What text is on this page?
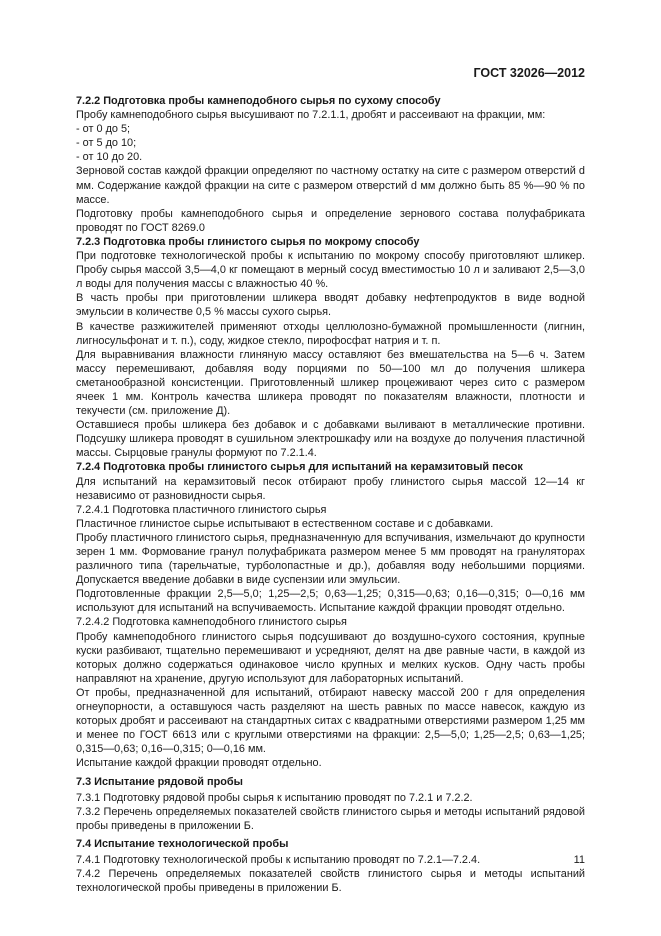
ГОСТ 32026—2012
7.2.2 Подготовка пробы камнеподобного сырья по сухому способу
Пробу камнеподобного сырья высушивают по 7.2.1.1, дробят и рассеивают на фракции, мм:
- от 0 до 5;
- от 5 до 10;
- от 10 до 20.
Зерновой состав каждой фракции определяют по частному остатку на сите с размером отверстий d мм. Содержание каждой фракции на сите с размером отверстий d мм должно быть 85 %—90 % по массе.
Подготовку пробы камнеподобного сырья и определение зернового состава полуфабриката проводят по ГОСТ 8269.0
7.2.3 Подготовка пробы глинистого сырья по мокрому способу
При подготовке технологической пробы к испытанию по мокрому способу приготовляют шликер. Пробу сырья массой 3,5—4,0 кг помещают в мерный сосуд вместимостью 10 л и заливают 2,5—3,0 л воды для получения массы с влажностью 40 %.
В часть пробы при приготовлении шликера вводят добавку нефтепродуктов в виде водной эмульсии в количестве 0,5 % массы сухого сырья.
В качестве разжижителей применяют отходы целлюлозно-бумажной промышленности (лигнин, лигносульфонат и т. п.), соду, жидкое стекло, пирофосфат натрия и т. п.
Для выравнивания влажности глиняную массу оставляют без вмешательства на 5—6 ч. Затем массу перемешивают, добавляя воду порциями по 50—100 мл до получения шликера сметанообразной консистенции. Приготовленный шликер процеживают через сито с размером ячеек 1 мм. Контроль качества шликера проводят по показателям влажности, плотности и текучести (см. приложение Д).
Оставшиеся пробы шликера без добавок и с добавками выливают в металлические противни. Подсушку шликера проводят в сушильном электрошкафу или на воздухе до получения пластичной массы. Сырцовые гранулы формуют по 7.2.1.4.
7.2.4 Подготовка пробы глинистого сырья для испытаний на керамзитовый песок
Для испытаний на керамзитовый песок отбирают пробу глинистого сырья массой 12—14 кг независимо от разновидности сырья.
7.2.4.1 Подготовка пластичного глинистого сырья
Пластичное глинистое сырье испытывают в естественном составе и с добавками.
Пробу пластичного глинистого сырья, предназначенную для вспучивания, измельчают до крупности зерен 1 мм. Формование гранул полуфабриката размером менее 5 мм проводят на грануляторах различного типа (тарельчатые, турболопастные и др.), добавляя воду небольшими порциями. Допускается введение добавки в виде суспензии или эмульсии.
Подготовленные фракции 2,5—5,0; 1,25—2,5; 0,63—1,25; 0,315—0,63; 0,16—0,315; 0—0,16 мм используют для испытаний на вспучиваемость. Испытание каждой фракции проводят отдельно.
7.2.4.2 Подготовка камнеподобного глинистого сырья
Пробу камнеподобного глинистого сырья подсушивают до воздушно-сухого состояния, крупные куски разбивают, тщательно перемешивают и усредняют, делят на две равные части, в каждой из которых должно содержаться одинаковое число крупных и мелких кусков. Одну часть пробы направляют на хранение, другую используют для лабораторных испытаний.
От пробы, предназначенной для испытаний, отбирают навеску массой 200 г для определения огнеупорности, а оставшуюся часть разделяют на шесть равных по массе навесок, каждую из которых дробят и рассеивают на стандартных ситах с квадратными отверстиями размером 1,25 мм и менее по ГОСТ 6613 или с круглыми отверстиями на фракции: 2,5—5,0; 1,25—2,5; 0,63—1,25; 0,315—0,63; 0,16—0,315; 0—0,16 мм.
Испытание каждой фракции проводят отдельно.
7.3 Испытание рядовой пробы
7.3.1 Подготовку рядовой пробы сырья к испытанию проводят по 7.2.1 и 7.2.2.
7.3.2 Перечень определяемых показателей свойств глинистого сырья и методы испытаний рядовой пробы приведены в приложении Б.
7.4 Испытание технологической пробы
7.4.1 Подготовку технологической пробы к испытанию проводят по 7.2.1—7.2.4.
7.4.2 Перечень определяемых показателей свойств глинистого сырья и методы испытаний технологической пробы приведены в приложении Б.
11
